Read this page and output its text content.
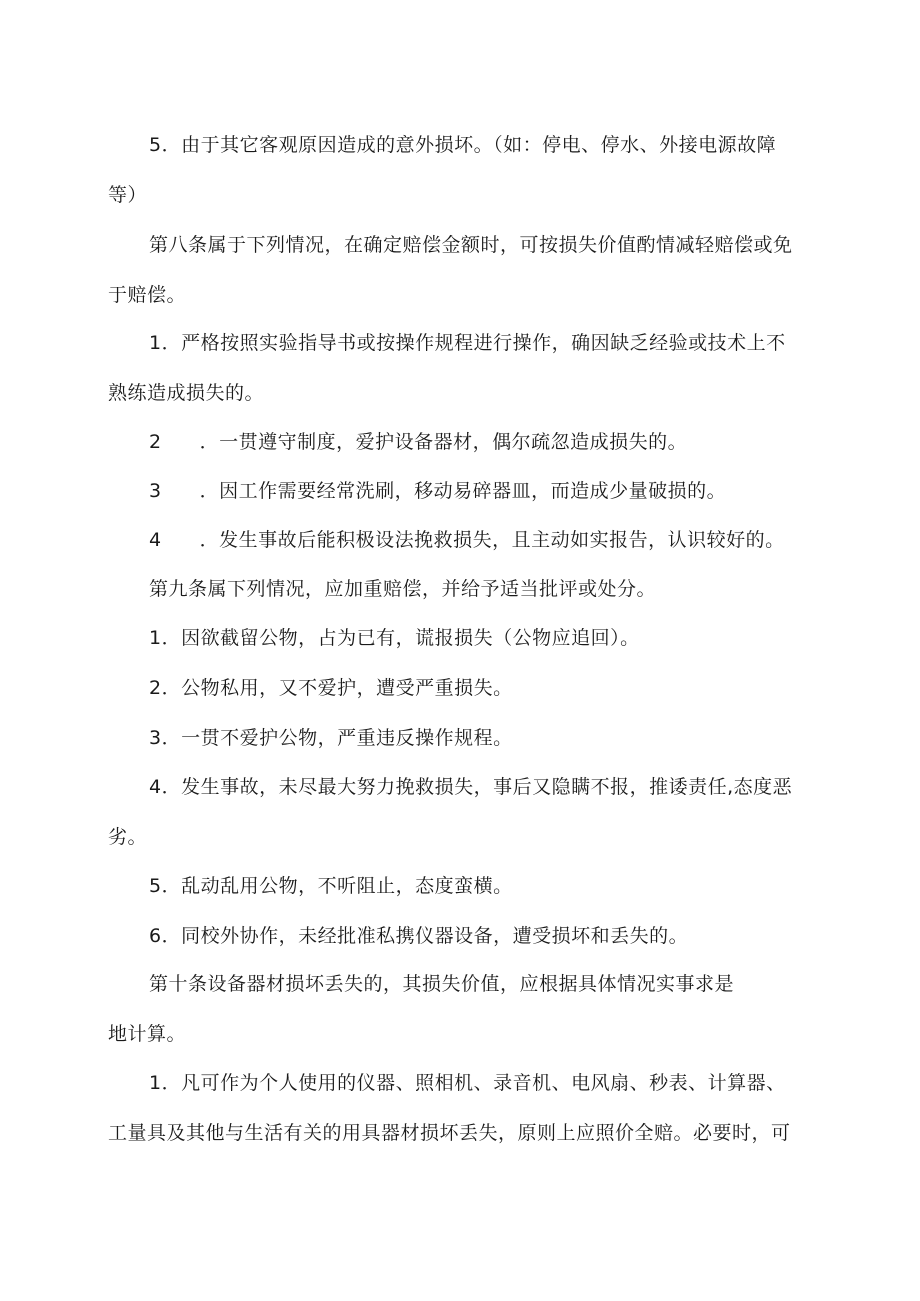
5．由于其它客观原因造成的意外损坏。（如：停电、停水、外接电源故障
等）
第八条属于下列情况，在确定赔偿金额时，可按损失价值酌情减轻赔偿或免
于赔偿。
1．严格按照实验指导书或按操作规程进行操作，确因缺乏经验或技术上不
熟练造成损失的。
2 ．一贯遵守制度，爱护设备器材，偶尔疏忽造成损失的。
3 ．因工作需要经常洗刷，移动易碎器皿，而造成少量破损的。
4 ．发生事故后能积极设法挽救损失，且主动如实报告，认识较好的。
第九条属下列情况，应加重赔偿，并给予适当批评或处分。
1．因欲截留公物，占为已有，谎报损失（公物应追回）。
2．公物私用，又不爱护，遭受严重损失。
3．一贯不爱护公物，严重违反操作规程。
4．发生事故，未尽最大努力挽救损失，事后又隐瞒不报，推诿责任,态度恶
劣。
5．乱动乱用公物，不听阻止，态度蛮横。
6．同校外协作，未经批准私携仪器设备，遭受损坏和丢失的。
第十条设备器材损坏丢失的，其损失价值，应根据具体情况实事求是
地计算。
1．凡可作为个人使用的仪器、照相机、录音机、电风扇、秒表、计算器、
工量具及其他与生活有关的用具器材损坏丢失，原则上应照价全赔。必要时，可
